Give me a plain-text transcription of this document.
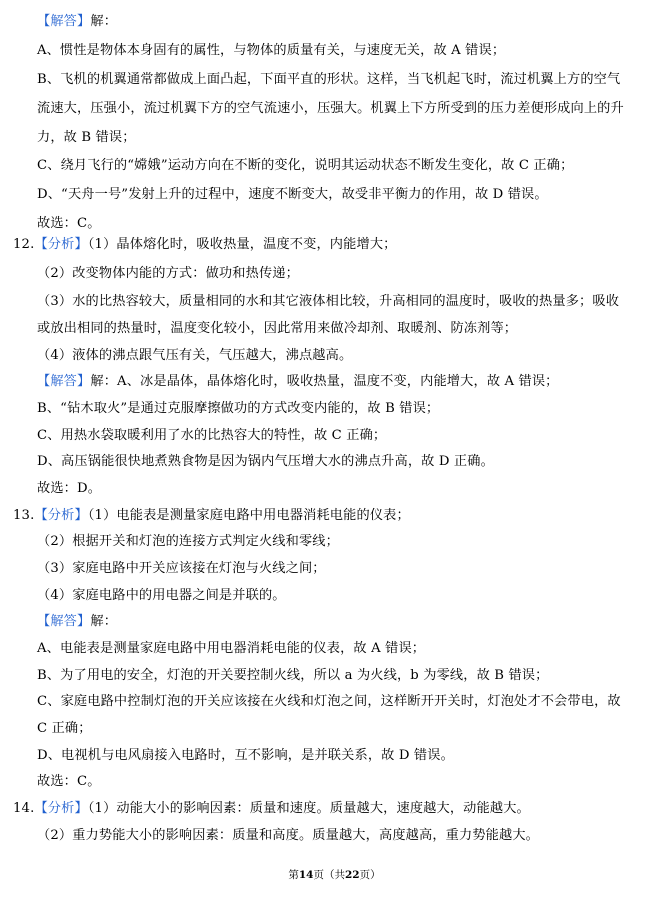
【解答】解：
A、惯性是物体本身固有的属性，与物体的质量有关，与速度无关，故 A 错误；
B、飞机的机翼通常都做成上面凸起，下面平直的形状。这样，当飞机起飞时，流过机翼上方的空气
流速大，压强小，流过机翼下方的空气流速小，压强大。机翼上下方所受到的压力差便形成向上的升
力，故 B 错误；
C、绕月飞行的“嫦娥”运动方向在不断的变化，说明其运动状态不断发生变化，故 C 正确；
D、“天舟一号”发射上升的过程中，速度不断变大，故受非平衡力的作用，故 D 错误。
故选：C。
12.【分析】（1）晶体熔化时，吸收热量，温度不变，内能增大；
（2）改变物体内能的方式：做功和热传递；
（3）水的比热容较大，质量相同的水和其它液体相比较，升高相同的温度时，吸收的热量多；吸收
或放出相同的热量时，温度变化较小，因此常用来做冷却剂、取暖剂、防冻剂等；
（4）液体的沸点跟气压有关，气压越大，沸点越高。
【解答】解：A、冰是晶体，晶体熔化时，吸收热量，温度不变，内能增大，故 A 错误；
B、“钻木取火”是通过克服摩擦做功的方式改变内能的，故 B 错误；
C、用热水袋取暖利用了水的比热容大的特性，故 C 正确；
D、高压锅能很快地煮熟食物是因为锅内气压增大水的沸点升高，故 D 正确。
故选：D。
13.【分析】（1）电能表是测量家庭电路中用电器消耗电能的仪表；
（2）根据开关和灯泡的连接方式判定火线和零线；
（3）家庭电路中开关应该接在灯泡与火线之间；
（4）家庭电路中的用电器之间是并联的。
【解答】解：
A、电能表是测量家庭电路中用电器消耗电能的仪表，故 A 错误；
B、为了用电的安全，灯泡的开关要控制火线，所以 a 为火线，b 为零线，故 B 错误；
C、家庭电路中控制灯泡的开关应该接在火线和灯泡之间，这样断开开关时，灯泡处才不会带电，故
C 正确；
D、电视机与电风扇接入电路时，互不影响，是并联关系，故 D 错误。
故选：C。
14.【分析】（1）动能大小的影响因素：质量和速度。质量越大，速度越大，动能越大。
（2）重力势能大小的影响因素：质量和高度。质量越大，高度越高，重力势能越大。
第14页（共22页）
